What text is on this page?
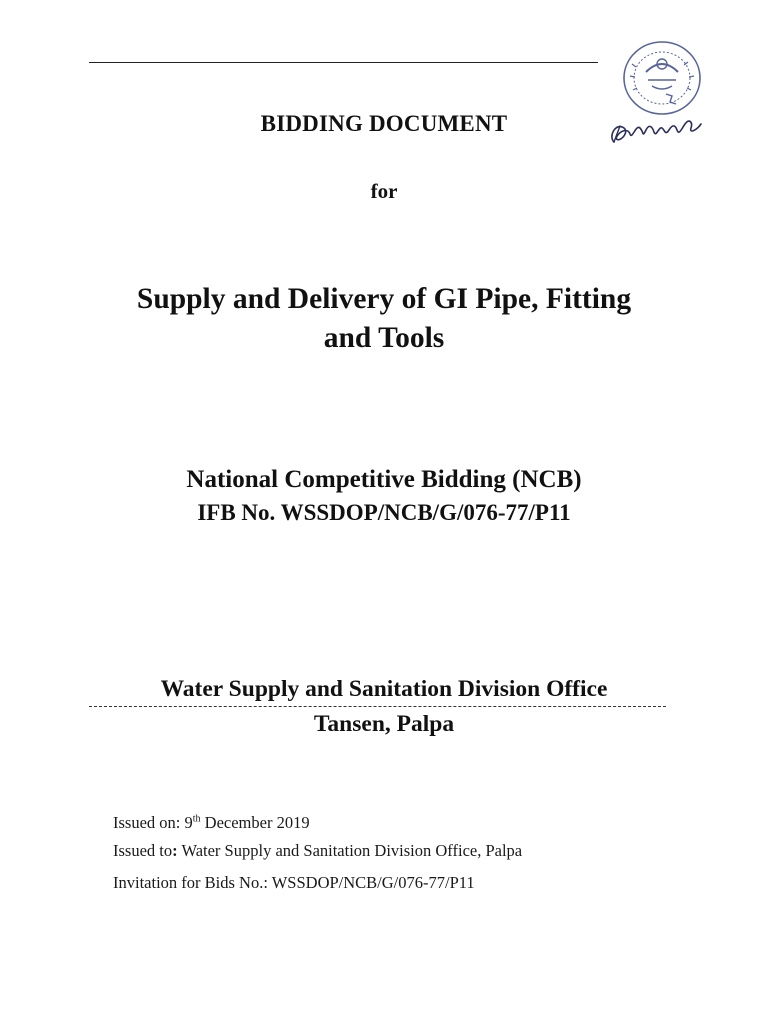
BIDDING DOCUMENT
for
Supply and Delivery of GI Pipe, Fitting
and Tools
National Competitive Bidding (NCB)
IFB No. WSSDOP/NCB/G/076-77/P11
Water Supply and Sanitation Division Office
Tansen, Palpa
Issued on: 9th December 2019
Issued to: Water Supply and Sanitation Division Office, Palpa
Invitation for Bids No.: WSSDOP/NCB/G/076-77/P11
